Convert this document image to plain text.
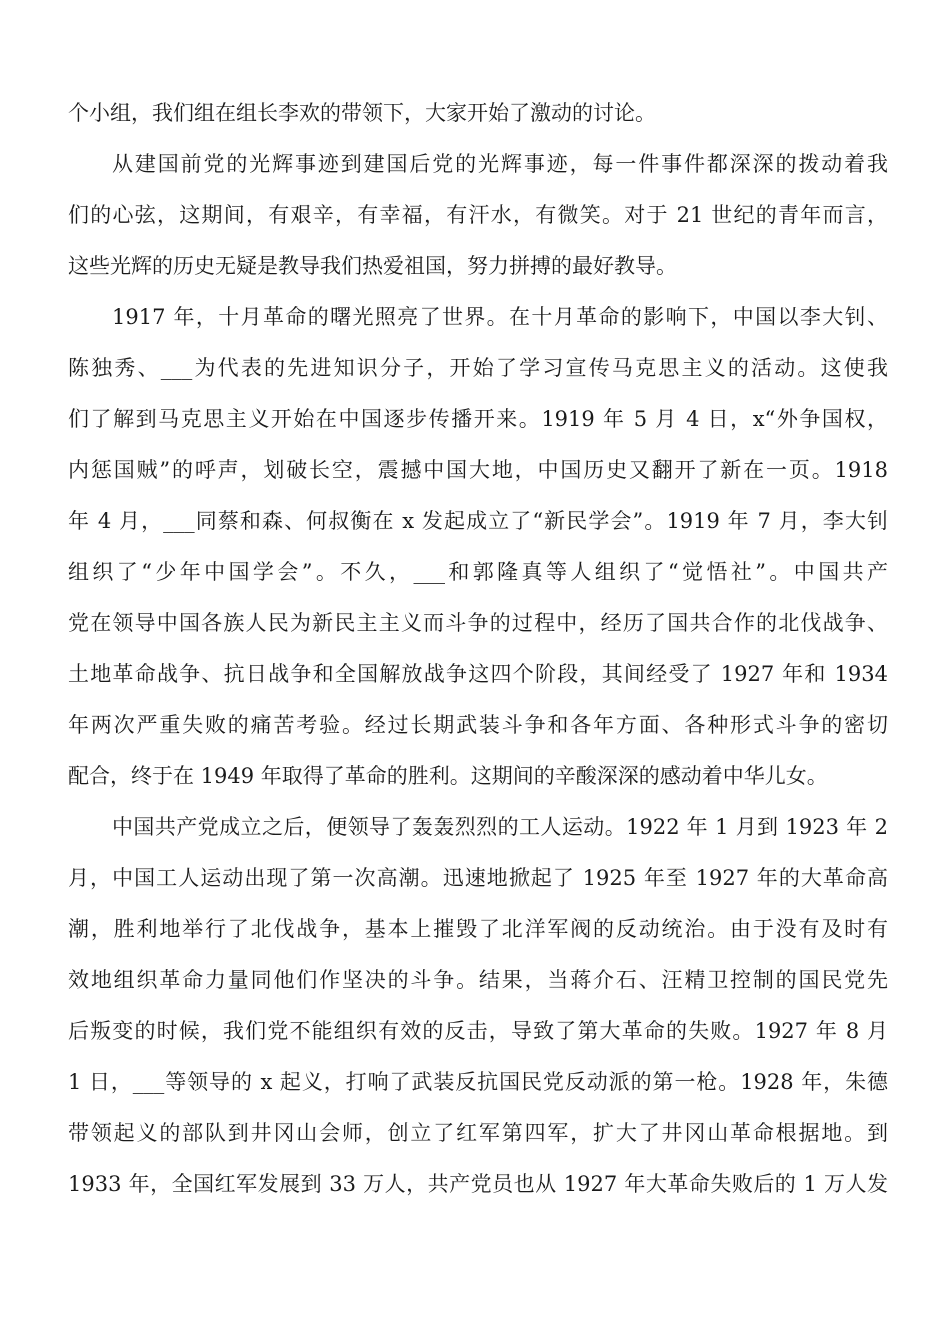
个小组，我们组在组长李欢的带领下，大家开始了激动的讨论。
从建国前党的光辉事迹到建国后党的光辉事迹，每一件事件都深深的拨动着我
们的心弦，这期间，有艰辛，有幸福，有汗水，有微笑。对于 21 世纪的青年而言，
这些光辉的历史无疑是教导我们热爱祖国，努力拼搏的最好教导。
1917 年，十月革命的曙光照亮了世界。在十月革命的影响下，中国以李大钊、
陈独秀、___为代表的先进知识分子，开始了学习宣传马克思主义的活动。这使我
们了解到马克思主义开始在中国逐步传播开来。1919 年 5 月 4 日，x“外争国权，
内惩国贼”的呼声，划破长空，震撼中国大地，中国历史又翻开了新在一页。1918
年 4 月，___同蔡和森、何叔衡在 x 发起成立了“新民学会”。1919 年 7 月，李大钊
组织了“少年中国学会”。不久，___和郭隆真等人组织了“觉悟社”。中国共产
党在领导中国各族人民为新民主主义而斗争的过程中，经历了国共合作的北伐战争、
土地革命战争、抗日战争和全国解放战争这四个阶段，其间经受了 1927 年和 1934
年两次严重失败的痛苦考验。经过长期武装斗争和各年方面、各种形式斗争的密切
配合，终于在 1949 年取得了革命的胜利。这期间的辛酸深深的感动着中华儿女。
中国共产党成立之后，便领导了轰轰烈烈的工人运动。1922 年 1 月到 1923 年 2
月，中国工人运动出现了第一次高潮。迅速地掀起了 1925 年至 1927 年的大革命高
潮，胜利地举行了北伐战争，基本上摧毁了北洋军阀的反动统治。由于没有及时有
效地组织革命力量同他们作坚决的斗争。结果，当蒋介石、汪精卫控制的国民党先
后叛变的时候，我们党不能组织有效的反击，导致了第大革命的失败。1927 年 8 月
1 日，___等领导的 x 起义，打响了武装反抗国民党反动派的第一枪。1928 年，朱德
带领起义的部队到井冈山会师，创立了红军第四军，扩大了井冈山革命根据地。到
1933 年，全国红军发展到 33 万人，共产党员也从 1927 年大革命失败后的 1 万人发
